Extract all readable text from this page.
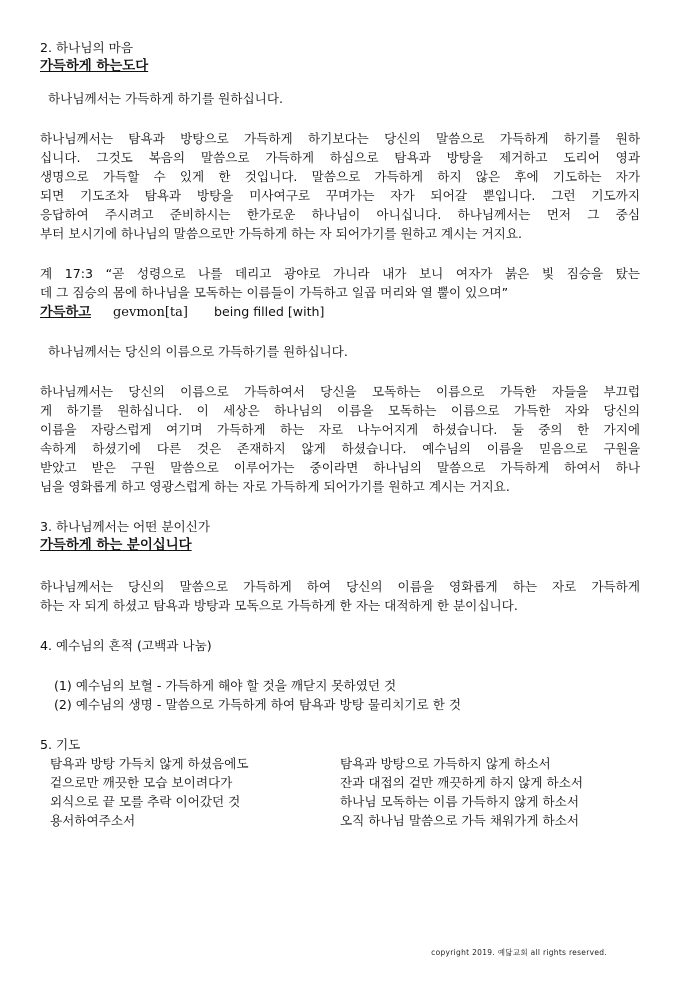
2. 하나님의 마음

가득하게 하는도다

하나님께서는 가득하게 하기를 원하십니다.

하나님께서는 탐욕과 방탕으로 가득하게 하기보다는 당신의 말씀으로 가득하게 하기를 원하

십니다. 그것도 복음의 말씀으로 가득하게 하심으로 탐욕과 방탕을 제거하고 도리어 영과

생명으로 가득할 수 있게 한 것입니다. 말씀으로 가득하게 하지 않은 후에 기도하는 자가

되면 기도조차 탐욕과 방탕을 미사여구로 꾸며가는 자가 되어갈 뿐입니다. 그런 기도까지

응답하여 주시려고 준비하시는 한가로운 하나님이 아니십니다. 하나님께서는 먼저 그 중심

부터 보시기에 하나님의 말씀으로만 가득하게 하는 자 되어가기를 원하고 계시는 거지요.

계 17:3 “곧 성령으로 나를 데리고 광야로 가니라 내가 보니 여자가 붉은 빛 짐승을 탔는

데 그 짐승의 몸에 하나님을 모독하는 이름들이 가득하고 일곱 머리와 열 뿔이 있으며”

가득하고 gevmon[ta] being filled [with]

하나님께서는 당신의 이름으로 가득하기를 원하십니다.

하나님께서는 당신의 이름으로 가득하여서 당신을 모독하는 이름으로 가득한 자들을 부끄럽

게 하기를 원하십니다. 이 세상은 하나님의 이름을 모독하는 이름으로 가득한 자와 당신의

이름을 자랑스럽게 여기며 가득하게 하는 자로 나누어지게 하셨습니다. 둘 중의 한 가지에

속하게 하셨기에 다른 것은 존재하지 않게 하셨습니다. 예수님의 이름을 믿음으로 구원을

받았고 받은 구원 말씀으로 이루어가는 중이라면 하나님의 말씀으로 가득하게 하여서 하나

님을 영화롭게 하고 영광스럽게 하는 자로 가득하게 되어가기를 원하고 계시는 거지요.

3. 하나님께서는 어떤 분이신가

가득하게 하는 분이십니다

하나님께서는 당신의 말씀으로 가득하게 하여 당신의 이름을 영화롭게 하는 자로 가득하게

하는 자 되게 하셨고 탐욕과 방탕과 모독으로 가득하게 한 자는 대적하게 한 분이십니다.

4. 예수님의 흔적 (고백과 나눔)

(1) 예수님의 보혈 - 가득하게 해야 할 것을 깨닫지 못하였던 것

(2) 예수님의 생명 - 말씀으로 가득하게 하여 탐욕과 방탕 물리치기로 한 것

5. 기도

탐욕과 방탕 가득치 않게 하셨음에도

겉으로만 깨끗한 모습 보이려다가

외식으로 끝 모를 추락 이어갔던 것

용서하여주소서

탐욕과 방탕으로 가득하지 않게 하소서

잔과 대접의 겉만 깨끗하게 하지 않게 하소서

하나님 모독하는 이름 가득하지 않게 하소서

오직 하나님 말씀으로 가득 채워가게 하소서

copyright 2019. 예닮교회 all rights reserved.
